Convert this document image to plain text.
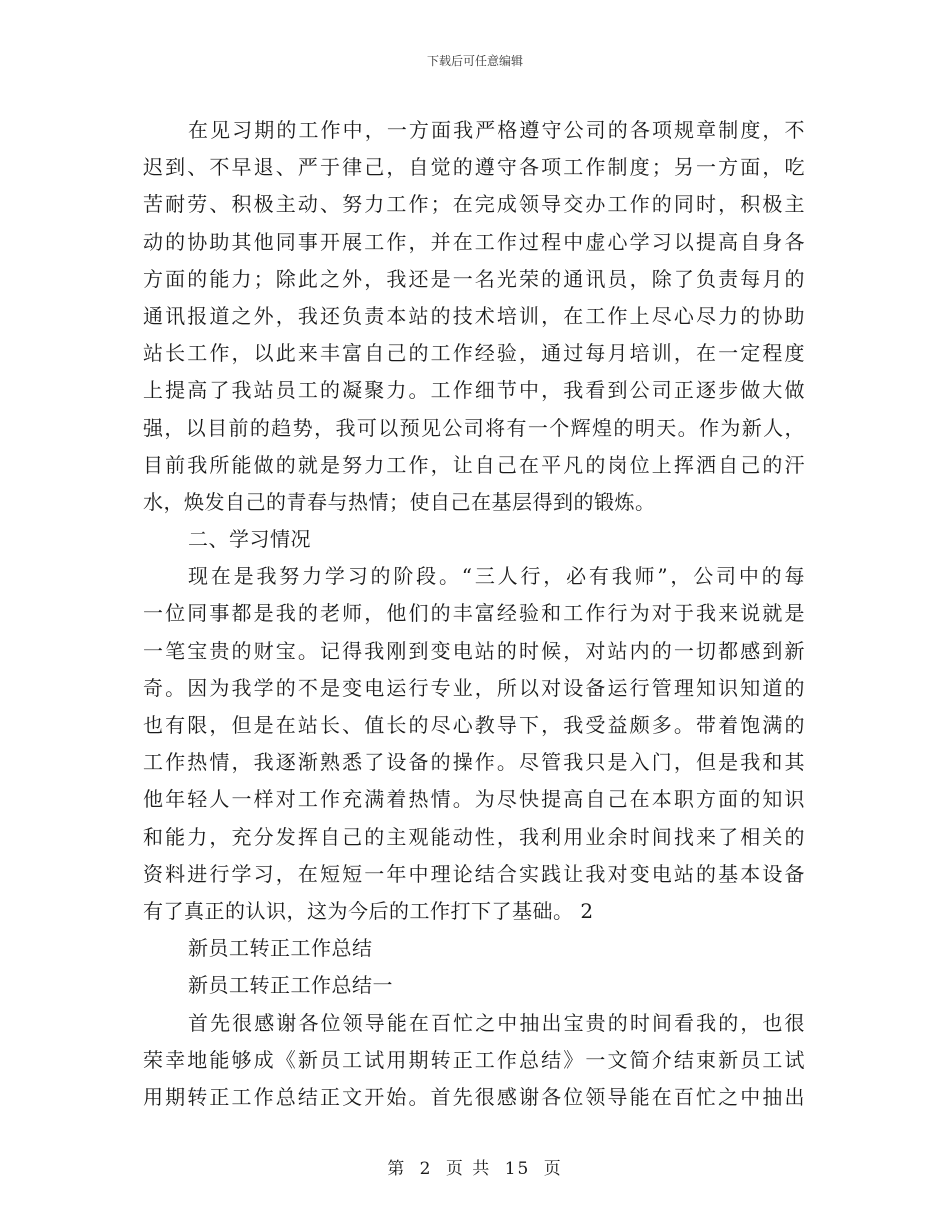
下载后可任意编辑
在见习期的工作中，一方面我严格遵守公司的各项规章制度，不
迟到、不早退、严于律己，自觉的遵守各项工作制度；另一方面，吃
苦耐劳、积极主动、努力工作；在完成领导交办工作的同时，积极主
动的协助其他同事开展工作，并在工作过程中虚心学习以提高自身各
方面的能力；除此之外，我还是一名光荣的通讯员，除了负责每月的
通讯报道之外，我还负责本站的技术培训，在工作上尽心尽力的协助
站长工作，以此来丰富自己的工作经验，通过每月培训，在一定程度
上提高了我站员工的凝聚力。工作细节中，我看到公司正逐步做大做
强，以目前的趋势，我可以预见公司将有一个辉煌的明天。作为新人，
目前我所能做的就是努力工作，让自己在平凡的岗位上挥洒自己的汗
水，焕发自己的青春与热情；使自己在基层得到的锻炼。
二、学习情况
现在是我努力学习的阶段。“三人行，必有我师”，公司中的每
一位同事都是我的老师，他们的丰富经验和工作行为对于我来说就是
一笔宝贵的财宝。记得我刚到变电站的时候，对站内的一切都感到新
奇。因为我学的不是变电运行专业，所以对设备运行管理知识知道的
也有限，但是在站长、值长的尽心教导下，我受益颇多。带着饱满的
工作热情，我逐渐熟悉了设备的操作。尽管我只是入门，但是我和其
他年轻人一样对工作充满着热情。为尽快提高自己在本职方面的知识
和能力，充分发挥自己的主观能动性，我利用业余时间找来了相关的
资料进行学习，在短短一年中理论结合实践让我对变电站的基本设备
有了真正的认识，这为今后的工作打下了基础。 2
新员工转正工作总结
新员工转正工作总结一
首先很感谢各位领导能在百忙之中抽出宝贵的时间看我的，也很
荣幸地能够成《新员工试用期转正工作总结》一文简介结束新员工试
用期转正工作总结正文开始。首先很感谢各位领导能在百忙之中抽出
第 2 页 共 15 页
